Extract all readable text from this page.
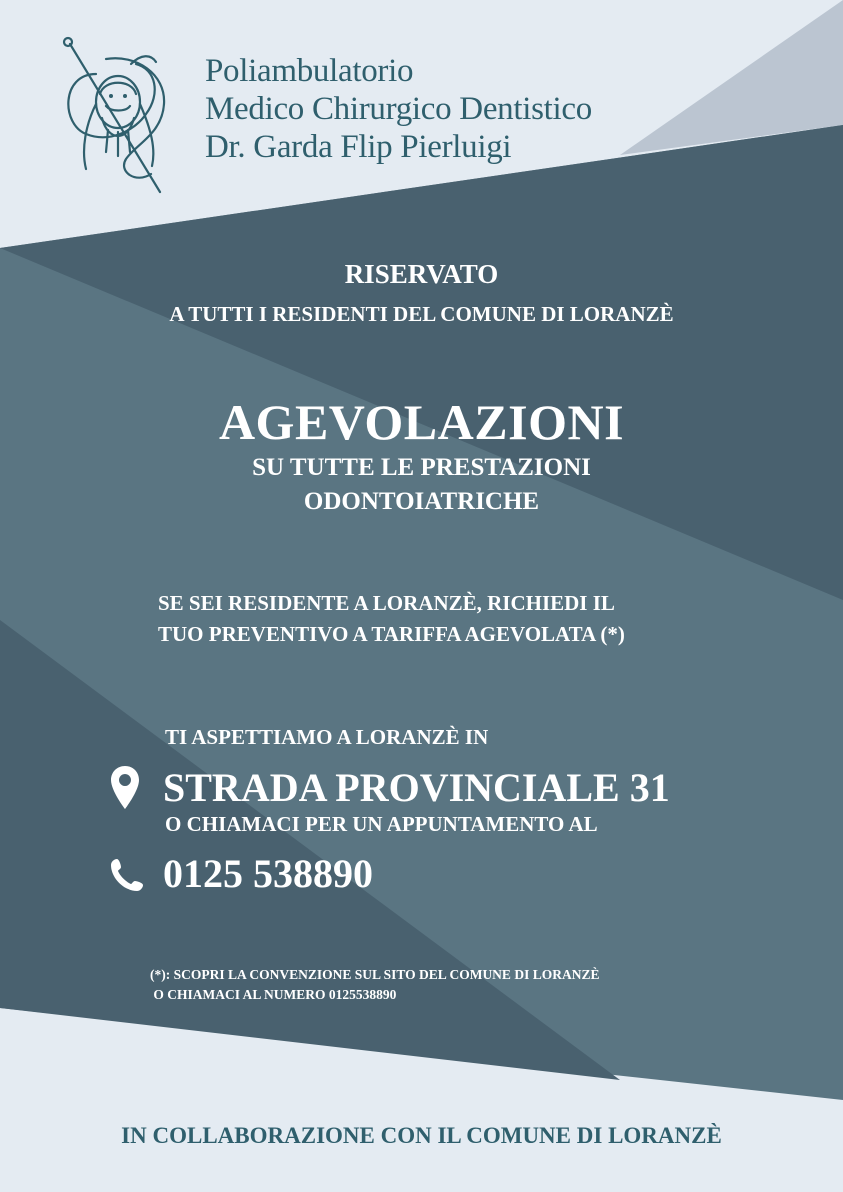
Poliambulatorio
Medico Chirurgico Dentistico
Dr. Garda Flip Pierluigi
RISERVATO
A TUTTI I RESIDENTI DEL COMUNE DI LORANZÈ
AGEVOLAZIONI
SU TUTTE LE PRESTAZIONI
ODONTOIATRICHE
SE SEI RESIDENTE A LORANZÈ, RICHIEDI IL
TUO PREVENTIVO A TARIFFA AGEVOLATA (*)
TI ASPETTIAMO A LORANZÈ IN
STRADA PROVINCIALE 31
O CHIAMACI PER UN APPUNTAMENTO AL
0125 538890
(*): SCOPRI LA CONVENZIONE SUL SITO DEL COMUNE DI LORANZÈ
O CHIAMACI AL NUMERO 0125538890
IN COLLABORAZIONE CON IL COMUNE DI LORANZÈ
